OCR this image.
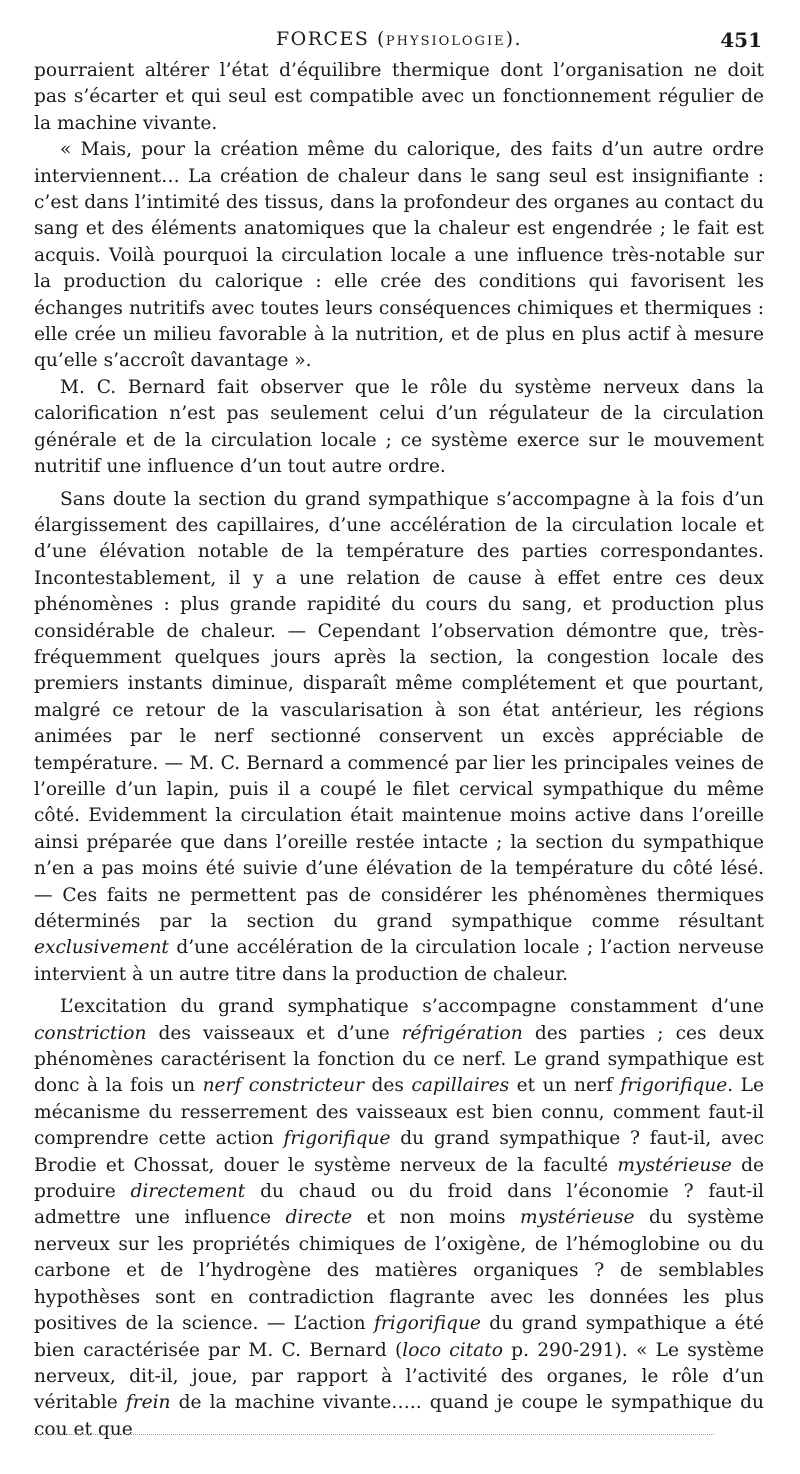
FORCES (PHYSIOLOGIE).	451

pourraient altérer l’état d’équilibre thermique dont l’organisation ne doit pas s’écarter et qui seul est compatible avec un fonctionnement régulier de la machine vivante.

« Mais, pour la création même du calorique, des faits d’un autre ordre interviennent… La création de chaleur dans le sang seul est insignifiante : c’est dans l’intimité des tissus, dans la profondeur des organes au contact du sang et des éléments anatomiques que la chaleur est engendrée ; le fait est acquis. Voilà pourquoi la circulation locale a une influence très-notable sur la production du calorique : elle crée des conditions qui favorisent les échanges nutritifs avec toutes leurs conséquences chimiques et thermiques : elle crée un milieu favorable à la nutrition, et de plus en plus actif à mesure qu’elle s’accroît davantage ».

M. C. Bernard fait observer que le rôle du système nerveux dans la calorification n’est pas seulement celui d’un régulateur de la circulation générale et de la circulation locale ; ce système exerce sur le mouvement nutritif une influence d’un tout autre ordre.

Sans doute la section du grand sympathique s’accompagne à la fois d’un élargissement des capillaires, d’une accélération de la circulation locale et d’une élévation notable de la température des parties correspondantes. Incontestablement, il y a une relation de cause à effet entre ces deux phénomènes : plus grande rapidité du cours du sang, et production plus considérable de chaleur. — Cependant l’observation démontre que, très-fréquemment quelques jours après la section, la congestion locale des premiers instants diminue, disparaît même complétement et que pourtant, malgré ce retour de la vascularisation à son état antérieur, les régions animées par le nerf sectionné conservent un excès appréciable de température. — M. C. Bernard a commencé par lier les principales veines de l’oreille d’un lapin, puis il a coupé le filet cervical sympathique du même côté. Evidemment la circulation était maintenue moins active dans l’oreille ainsi préparée que dans l’oreille restée intacte ; la section du sympathique n’en a pas moins été suivie d’une élévation de la température du côté lésé. — Ces faits ne permettent pas de considérer les phénomènes thermiques déterminés par la section du grand sympathique comme résultant exclusivement d’une accélération de la circulation locale ; l’action nerveuse intervient à un autre titre dans la production de chaleur.

L’excitation du grand symphatique s’accompagne constamment d’une constriction des vaisseaux et d’une réfrigération des parties ; ces deux phénomènes caractérisent la fonction du ce nerf. Le grand sympathique est donc à la fois un nerf constricteur des capillaires et un nerf frigorifique. Le mécanisme du resserrement des vaisseaux est bien connu, comment faut-il comprendre cette action frigorifique du grand sympathique ? faut-il, avec Brodie et Chossat, douer le système nerveux de la faculté mystérieuse de produire directement du chaud ou du froid dans l’économie ? faut-il admettre une influence directe et non moins mystérieuse du système nerveux sur les propriétés chimiques de l’oxigène, de l’hémoglobine ou du carbone et de l’hydrogène des matières organiques ? de semblables hypothèses sont en contradiction flagrante avec les données les plus positives de la science. — L’action frigorifique du grand sympathique a été bien caractérisée par M. C. Bernard (loco citato p. 290-291). « Le système nerveux, dit-il, joue, par rapport à l’activité des organes, le rôle d’un véritable frein de la machine vivante….. quand je coupe le sympathique du cou et que
